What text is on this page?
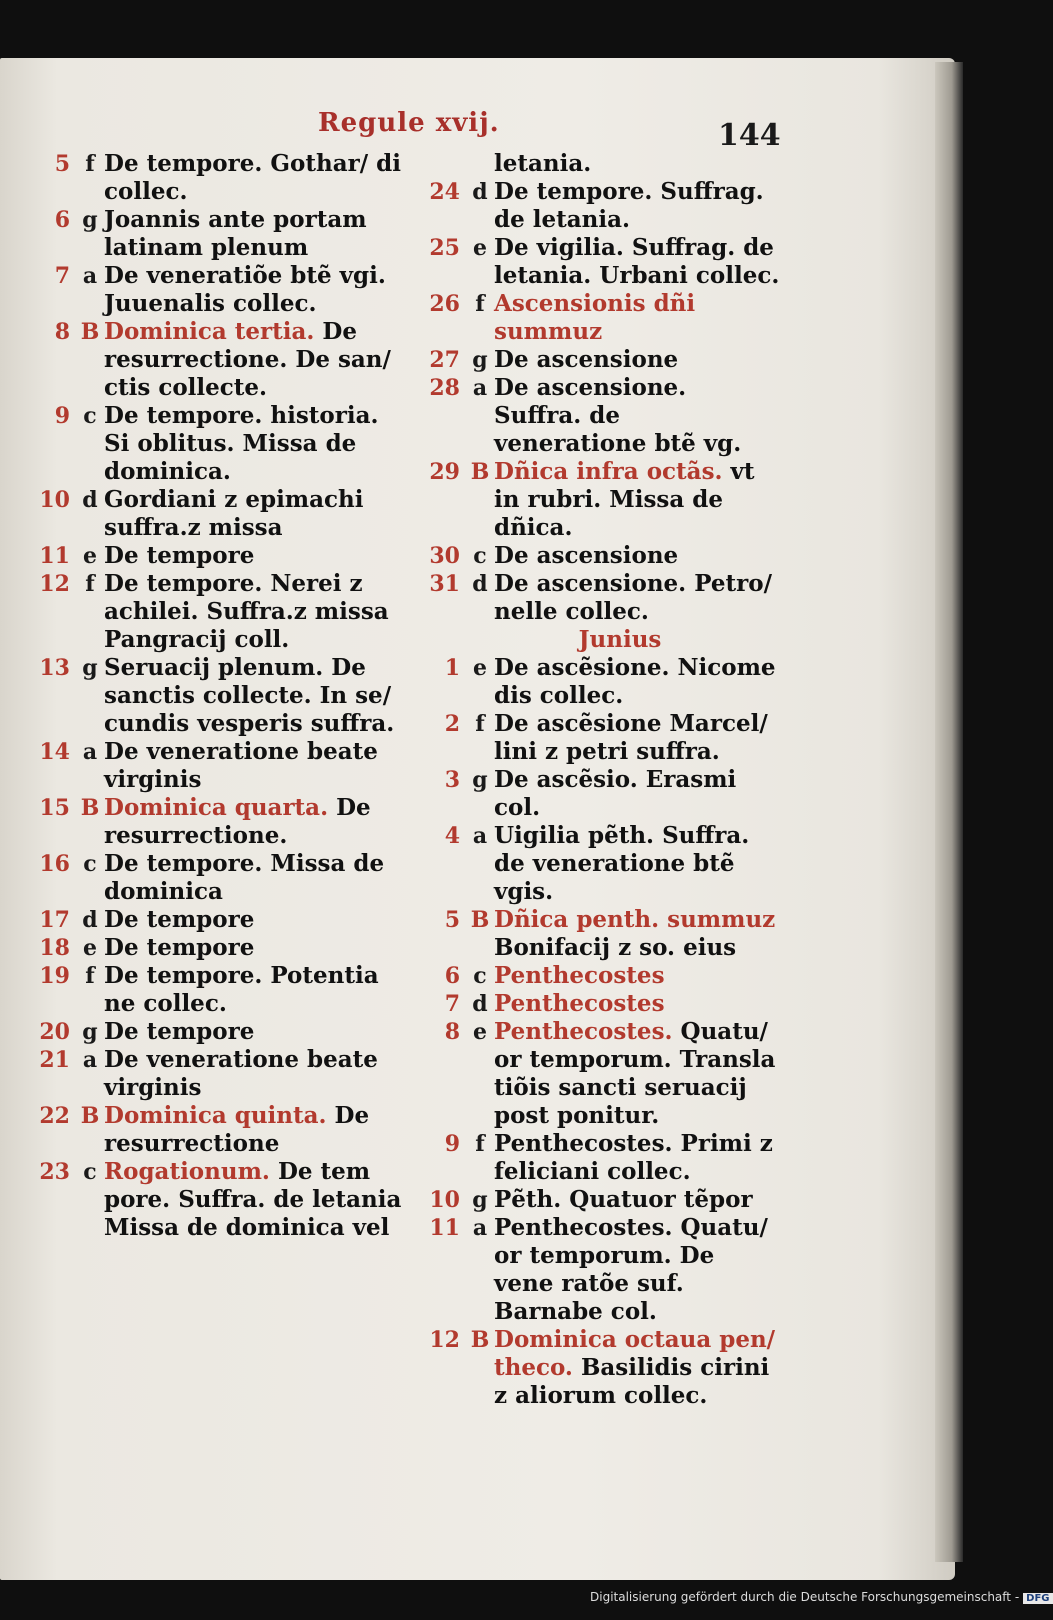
Regule xvij.	144
5 f De tempore. Gothar/ di collec.
6 g Joannis ante portam latinam plenum
7 a De veneratiõe btẽ vgi. Juuenalis collec.
8 B Dominica tertia. De resurrectione. De san/ ctis collecte.
9 c De tempore. historia. Si oblitus. Missa de dominica.
10 d Gordiani z epimachi suffra.z missa
11 e De tempore
12 f De tempore. Nerei z achilei. Suffra.z missa Pangracij coll.
13 g Seruacij plenum. De sanctis collecte. In se/ cundis vesperis suffra.
14 a De veneratione beate virginis
15 B Dominica quarta. De resurrectione.
16 c De tempore. Missa de dominica
17 d De tempore
18 e De tempore
19 f De tempore. Potentia ne collec.
20 g De tempore
21 a De veneratione beate virginis
22 B Dominica quinta. De resurrectione
23 c Rogationum. De tem pore. Suffra. de letania Missa de dominica vel
letania.
24 d De tempore. Suffrag. de letania.
25 e De vigilia. Suffrag. de letania. Urbani collec.
26 f Ascensionis dñi summuz
27 g De ascensione
28 a De ascensione. Suffra. de veneratione btẽ vg.
29 B Dñica infra octãs. vt in rubri. Missa de dñica.
30 c De ascensione
31 d De ascensione. Petro/ nelle collec.
Junius
1 e De ascẽsione. Nicome dis collec.
2 f De ascẽsione Marcel/ lini z petri suffra.
3 g De ascẽsio. Erasmi col.
4 a Uigilia pẽth. Suffra. de veneratione btẽ vgis.
5 B Dñica penth. summuz Bonifacij z so. eius
6 c Penthecostes
7 d Penthecostes
8 e Penthecostes. Quatu/ or temporum. Transla tiõis sancti seruacij post ponitur.
9 f Penthecostes. Primi z feliciani collec.
10 g Pẽth. Quatuor tẽpor
11 a Penthecostes. Quatu/ or temporum. De vene ratõe suf. Barnabe col.
12 B Dominica octaua pen/ theco. Basilidis cirini z aliorum collec.
Digitalisierung gefördert durch die Deutsche Forschungsgemeinschaft - DFG
